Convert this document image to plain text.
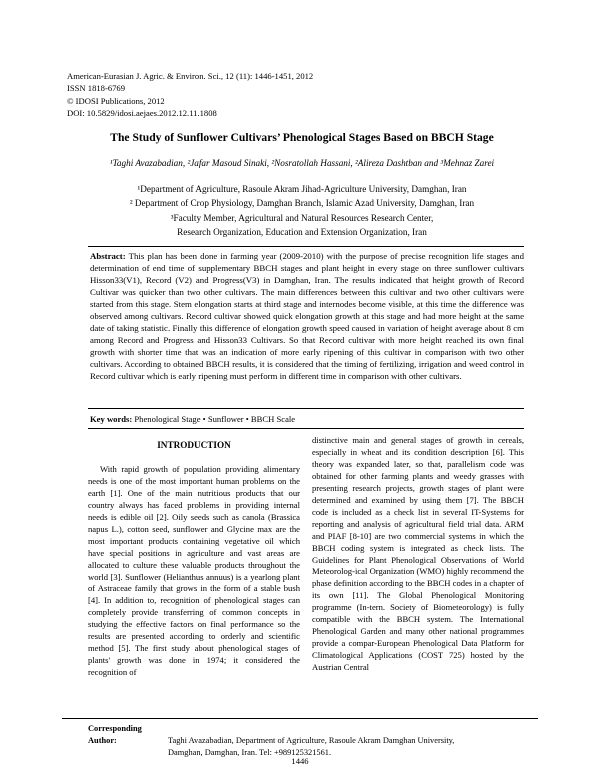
American-Eurasian J. Agric. & Environ. Sci., 12 (11): 1446-1451, 2012
ISSN 1818-6769
© IDOSI Publications, 2012
DOI: 10.5829/idosi.aejaes.2012.12.11.1808
The Study of Sunflower Cultivars’ Phenological Stages Based on BBCH Stage
¹Taghi Avazabadian, ²Jafar Masoud Sinaki, ²Nosratollah Hassani, ²Alireza Dashtban and ³Mehnaz Zarei
¹Department of Agriculture, Rasoule Akram Jihad-Agriculture University, Damghan, Iran
² Department of Crop Physiology, Damghan Branch, Islamic Azad University, Damghan, Iran
³Faculty Member, Agricultural and Natural Resources Research Center,
Research Organization, Education and Extension Organization, Iran
Abstract: This plan has been done in farming year (2009-2010) with the purpose of precise recognition life stages and determination of end time of supplementary BBCH stages and plant height in every stage on three sunflower cultivars Hisson33(V1), Record (V2) and Progress(V3) in Damghan, Iran. The results indicated that height growth of Record Cultivar was quicker than two other cultivars. The main differences between this cultivar and two other cultivars were started from this stage. Stem elongation starts at third stage and internodes become visible, at this time the difference was observed among cultivars. Record cultivar showed quick elongation growth at this stage and had more height at the same date of taking statistic. Finally this difference of elongation growth speed caused in variation of height average about 8 cm among Record and Progress and Hisson33 Cultivars. So that Record cultivar with more height reached its own final growth with shorter time that was an indication of more early ripening of this cultivar in comparison with two other cultivars. According to obtained BBCH results, it is considered that the timing of fertilizing, irrigation and weed control in Record cultivar which is early ripening must perform in different time in comparison with other cultivars.
Key words: Phenological Stage • Sunflower • BBCH Scale
INTRODUCTION

With rapid growth of population providing alimentary needs is one of the most important human problems on the earth [1]. One of the main nutritious products that our country always has faced problems in providing internal needs is edible oil [2]. Oily seeds such as canola (Brassica napus L.), cotton seed, sunflower and Glycine max are the most important products containing vegetative oil which have special positions in agriculture and vast areas are allocated to culture these valuable products throughout the world [3]. Sunflower (Helianthus annuus) is a yearlong plant of Astraceae family that grows in the form of a stable bush [4]. In addition to, recognition of phenological stages can completely provide transferring of common concepts in studying the effective factors on final performance so the results are presented according to orderly and scientific method [5]. The first study about phenological stages of plants' growth was done in 1974; it considered the recognition of

distinctive main and general stages of growth in cereals, especially in wheat and its condition description [6]. This theory was expanded later, so that, parallelism code was obtained for other farming plants and weedy grasses with presenting research projects, growth stages of plant were determined and examined by using them [7]. The BBCH code is included as a check list in several IT-Systems for reporting and analysis of agricultural field trial data. ARM and PIAF [8-10] are two commercial systems in which the BBCH coding system is integrated as check lists. The Guidelines for Plant Phenological Observations of World Meteorolog-ical Organization (WMO) highly recommend the phase definition according to the BBCH codes in a chapter of its own [11]. The Global Phenological Monitoring programme (In-tern. Society of Biometeorology) is fully compatible with the BBCH system. The International Phenological Garden and many other national programmes provide a compar-European Phenological Data Platform for Climatological Applications (COST 725) hosted by the Austrian Central

Corresponding Author:	Taghi Avazabadian, Department of Agriculture, Rasoule Akram Damghan University,
Damghan, Damghan, Iran. Tel: +989125321561.
1446
